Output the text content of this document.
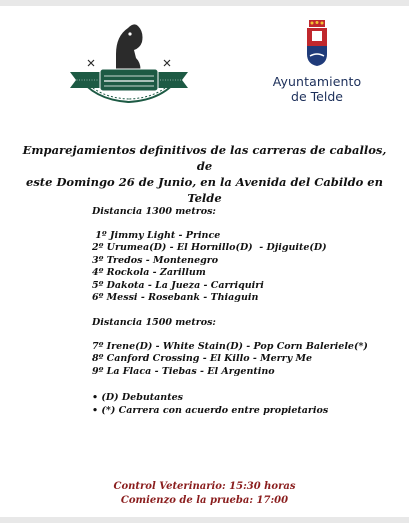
Ayuntamiento
de Telde
Emparejamientos definitivos de las carreras de caballos, de
este Domingo 26 de Junio, en la Avenida del Cabildo en Telde
Distancia 1300 metros:
1º Jimmy Light - Prince
2º Urumea(D) - El Hornillo(D)  - Djiguite(D)
3º Tredos - Montenegro
4º Rockola - Zarillum
5º Dakota - La Jueza - Carriquiri
6º Messi - Rosebank - Thiaguin
Distancia 1500 metros:
7º Irene(D) - White Stain(D) - Pop Corn Baleriele(*)
8º Canford Crossing - El Killo - Merry Me
9º La Flaca - Tiebas - El Argentino
• (D) Debutantes
• (*) Carrera con acuerdo entre propietarios
Control Veterinario: 15:30 horas
Comienzo de la prueba: 17:00
